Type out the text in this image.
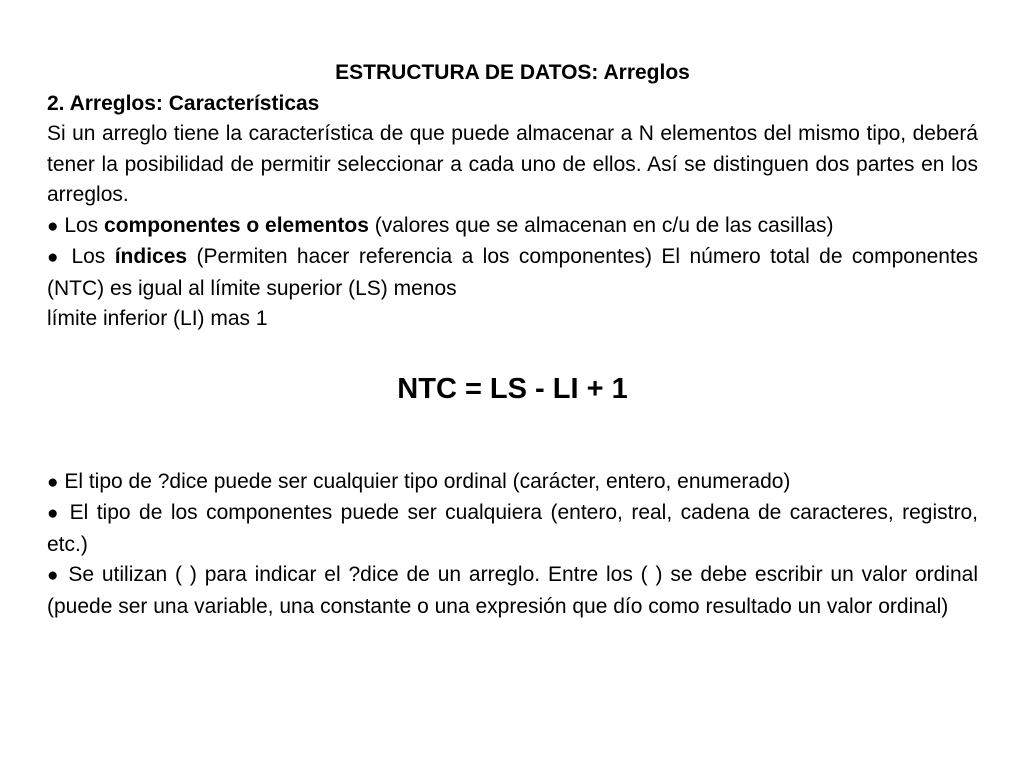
ESTRUCTURA DE DATOS: Arreglos
2. Arreglos: Características
Si un arreglo tiene la característica de que puede almacenar a N elementos del mismo tipo, deberá tener la posibilidad de permitir seleccionar a cada uno de ellos. Así se distinguen dos partes en los arreglos.
● Los componentes o elementos (valores que se almacenan en c/u de las casillas)
● Los índices (Permiten hacer referencia a los componentes) El número total de componentes (NTC) es igual al límite superior (LS) menos
límite inferior (LI) mas 1
NTC = LS - LI + 1
● El tipo de ?dice puede ser cualquier tipo ordinal (carácter, entero, enumerado)
● El tipo de los componentes puede ser cualquiera (entero, real, cadena de caracteres, registro, etc.)
● Se utilizan ( ) para indicar el ?dice de un arreglo. Entre los ( ) se debe escribir un valor ordinal (puede ser una variable, una constante o una expresión que dío como resultado un valor ordinal)
